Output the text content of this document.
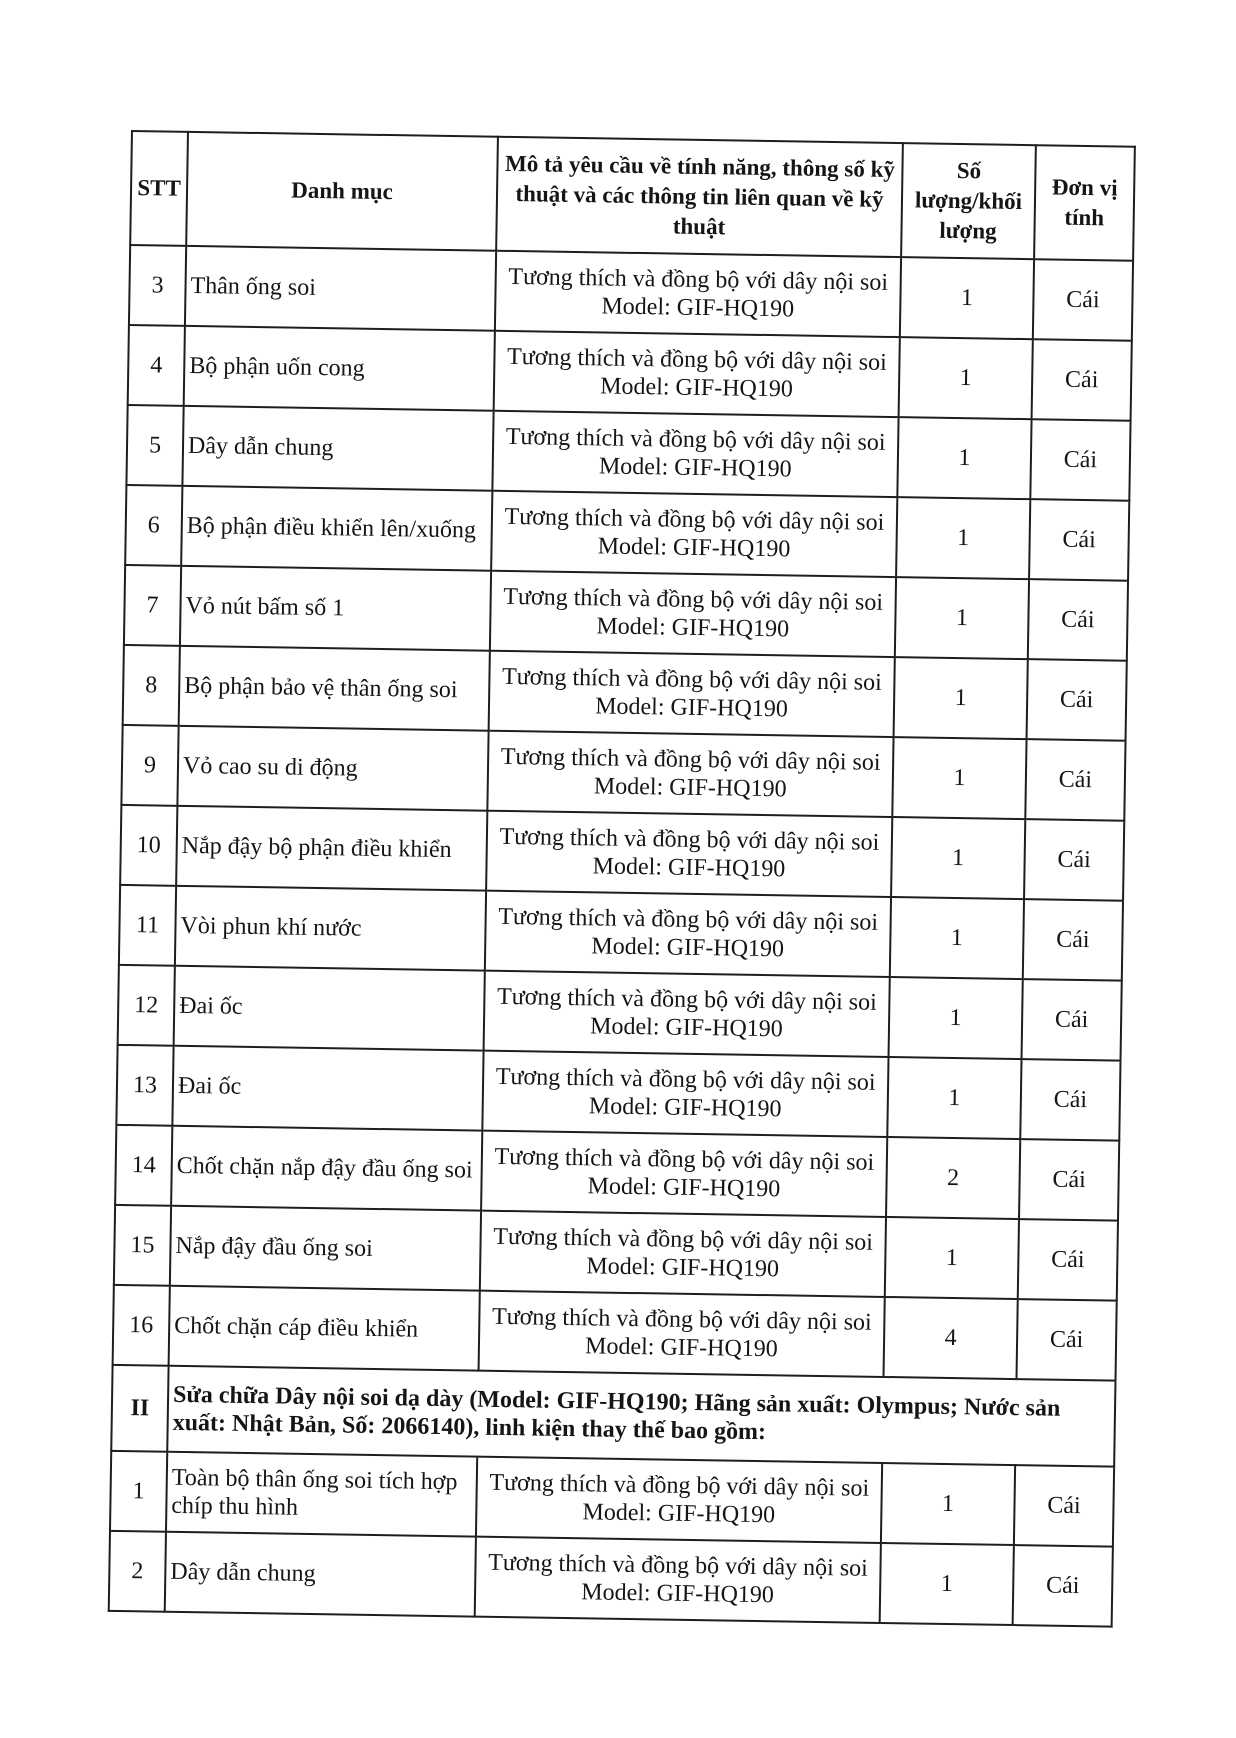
STT	Danh mục	Mô tả yêu cầu về tính năng, thông số kỹ thuật và các thông tin liên quan về kỹ thuật	Số lượng/khối lượng	Đơn vị tính
3	Thân ống soi	Tương thích và đồng bộ với dây nội soi
Model: GIF-HQ190	1	Cái
4	Bộ phận uốn cong	Tương thích và đồng bộ với dây nội soi
Model: GIF-HQ190	1	Cái
5	Dây dẫn chung	Tương thích và đồng bộ với dây nội soi
Model: GIF-HQ190	1	Cái
6	Bộ phận điều khiển lên/xuống	Tương thích và đồng bộ với dây nội soi
Model: GIF-HQ190	1	Cái
7	Vỏ nút bấm số 1	Tương thích và đồng bộ với dây nội soi
Model: GIF-HQ190	1	Cái
8	Bộ phận bảo vệ thân ống soi	Tương thích và đồng bộ với dây nội soi
Model: GIF-HQ190	1	Cái
9	Vỏ cao su di động	Tương thích và đồng bộ với dây nội soi
Model: GIF-HQ190	1	Cái
10	Nắp đậy bộ phận điều khiển	Tương thích và đồng bộ với dây nội soi
Model: GIF-HQ190	1	Cái
11	Vòi phun khí nước	Tương thích và đồng bộ với dây nội soi
Model: GIF-HQ190	1	Cái
12	Đai ốc	Tương thích và đồng bộ với dây nội soi
Model: GIF-HQ190	1	Cái
13	Đai ốc	Tương thích và đồng bộ với dây nội soi
Model: GIF-HQ190	1	Cái
14	Chốt chặn nắp đậy đầu ống soi	Tương thích và đồng bộ với dây nội soi
Model: GIF-HQ190	2	Cái
15	Nắp đậy đầu ống soi	Tương thích và đồng bộ với dây nội soi
Model: GIF-HQ190	1	Cái
16	Chốt chặn cáp điều khiển	Tương thích và đồng bộ với dây nội soi
Model: GIF-HQ190	4	Cái
II	Sửa chữa Dây nội soi dạ dày (Model: GIF-HQ190; Hãng sản xuất: Olympus; Nước sản xuất: Nhật Bản, Số: 2066140), linh kiện thay thế bao gồm:			
1	Toàn bộ thân ống soi tích hợp chíp thu hình	Tương thích và đồng bộ với dây nội soi
Model: GIF-HQ190	1	Cái
2	Dây dẫn chung	Tương thích và đồng bộ với dây nội soi
Model: GIF-HQ190	1	Cái
